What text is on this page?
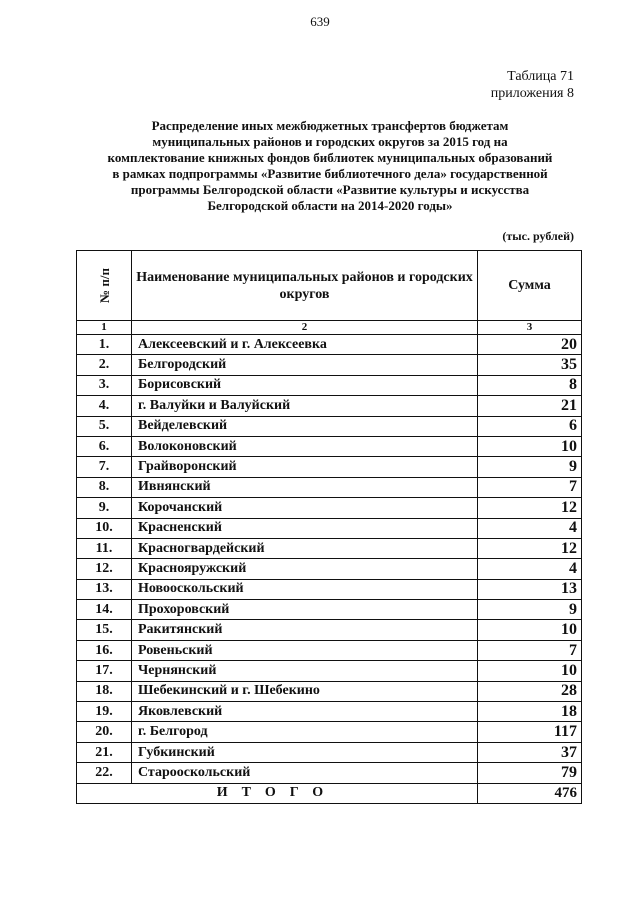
639
Таблица 71
приложения 8
Распределение иных межбюджетных трансфертов бюджетам
муниципальных районов и городских округов за 2015 год на
комплектование книжных фондов библиотек муниципальных образований
в рамках подпрограммы «Развитие библиотечного дела» государственной
программы Белгородской области «Развитие культуры и искусства
Белгородской области на 2014-2020 годы»
(тыс. рублей)
№ п/п	Наименование муниципальных районов и городских округов	Сумма
1	2	3
1.	Алексеевский и г. Алексеевка	20
2.	Белгородский	35
3.	Борисовский	8
4.	г. Валуйки и Валуйский	21
5.	Вейделевский	6
6.	Волоконовский	10
7.	Грайворонский	9
8.	Ивнянский	7
9.	Корочанский	12
10.	Красненский	4
11.	Красногвардейский	12
12.	Краснояружский	4
13.	Новооскольский	13
14.	Прохоровский	9
15.	Ракитянский	10
16.	Ровеньский	7
17.	Чернянский	10
18.	Шебекинский и г. Шебекино	28
19.	Яковлевский	18
20.	г. Белгород	117
21.	Губкинский	37
22.	Старооскольский	79
ИТОГО		476
